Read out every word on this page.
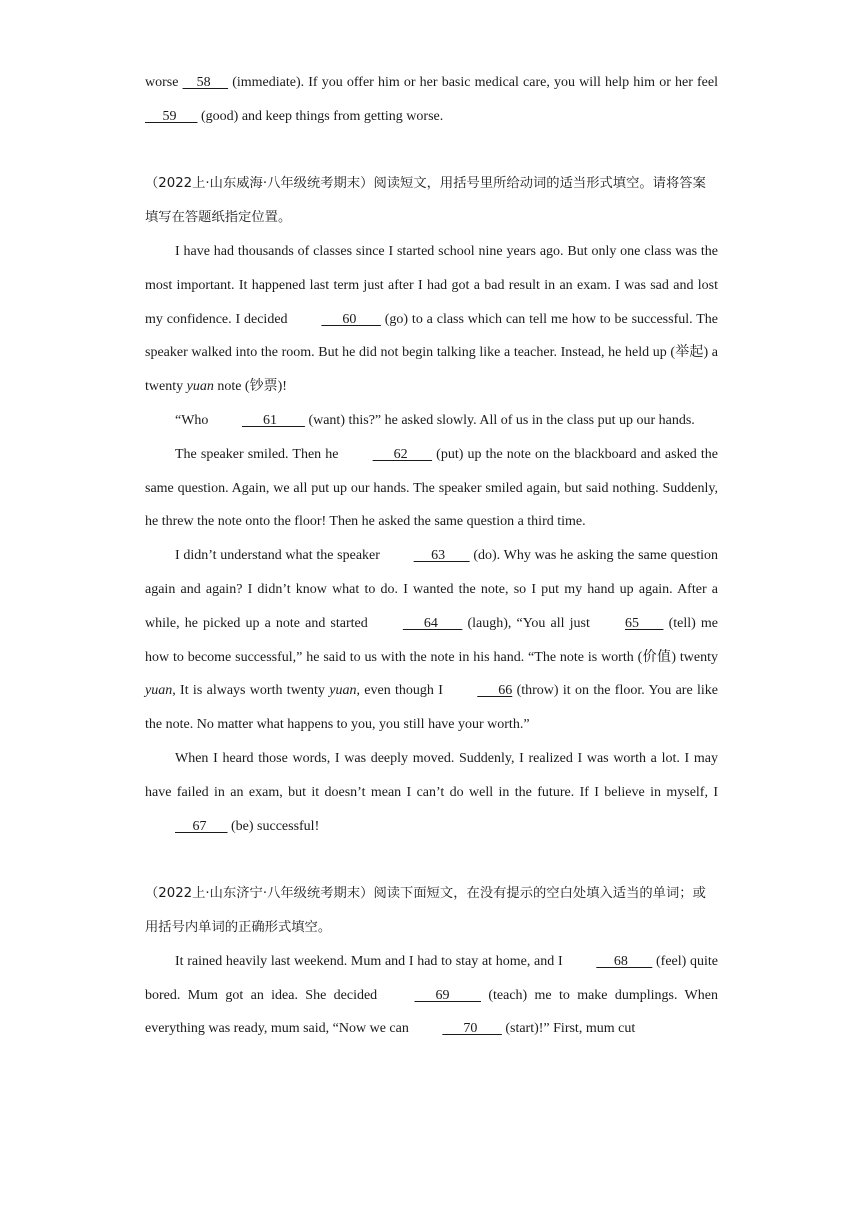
worse     58      (immediate). If you offer him or her basic medical care, you will help him or her feel      59       (good) and keep things from getting worse.

（2022上·山东威海·八年级统考期末）阅读短文，用括号里所给动词的适当形式填空。请将答案填写在答题纸指定位置。

I have had thousands of classes since I started school nine years ago. But only one class was the most important. It happened last term just after I had got a bad result in an exam. I was sad and lost my confidence. I decided       60        (go) to a class which can tell me how to be successful. The speaker walked into the room. But he did not begin talking like a teacher. Instead, he held up (举起) a twenty yuan note (钞票)!

“Who       61         (want) this?” he asked slowly. All of us in the class put up our hands.

The speaker smiled. Then he       62        (put) up the note on the blackboard and asked the same question. Again, we all put up our hands. The speaker smiled again, but said nothing. Suddenly, he threw the note onto the floor! Then he asked the same question a third time.

I didn’t understand what the speaker      63        (do). Why was he asking the same question again and again? I didn’t know what to do. I wanted the note, so I put my hand up again. After a while, he picked up a note and started       64        (laugh), “You all just 65        (tell) me how to become successful,” he said to us with the note in his hand. “The note is worth (价值) twenty yuan, It is always worth twenty yuan, even though I       66 (throw) it on the floor. You are like the note. No matter what happens to you, you still have your worth.”

When I heard those words, I was deeply moved. Suddenly, I realized I was worth a lot. I may have failed in an exam, but it doesn’t mean I can’t do well in the future. If I believe in myself, I      67       (be) successful!

（2022上·山东济宁·八年级统考期末）阅读下面短文，在没有提示的空白处填入适当的单词；或用括号内单词的正确形式填空。

It rained heavily last weekend. Mum and I had to stay at home, and I      68        (feel) quite bored. Mum got an idea. She decided       69          (teach) me to make dumplings. When everything was ready, mum said, “Now we can       70        (start)!” First, mum cut
